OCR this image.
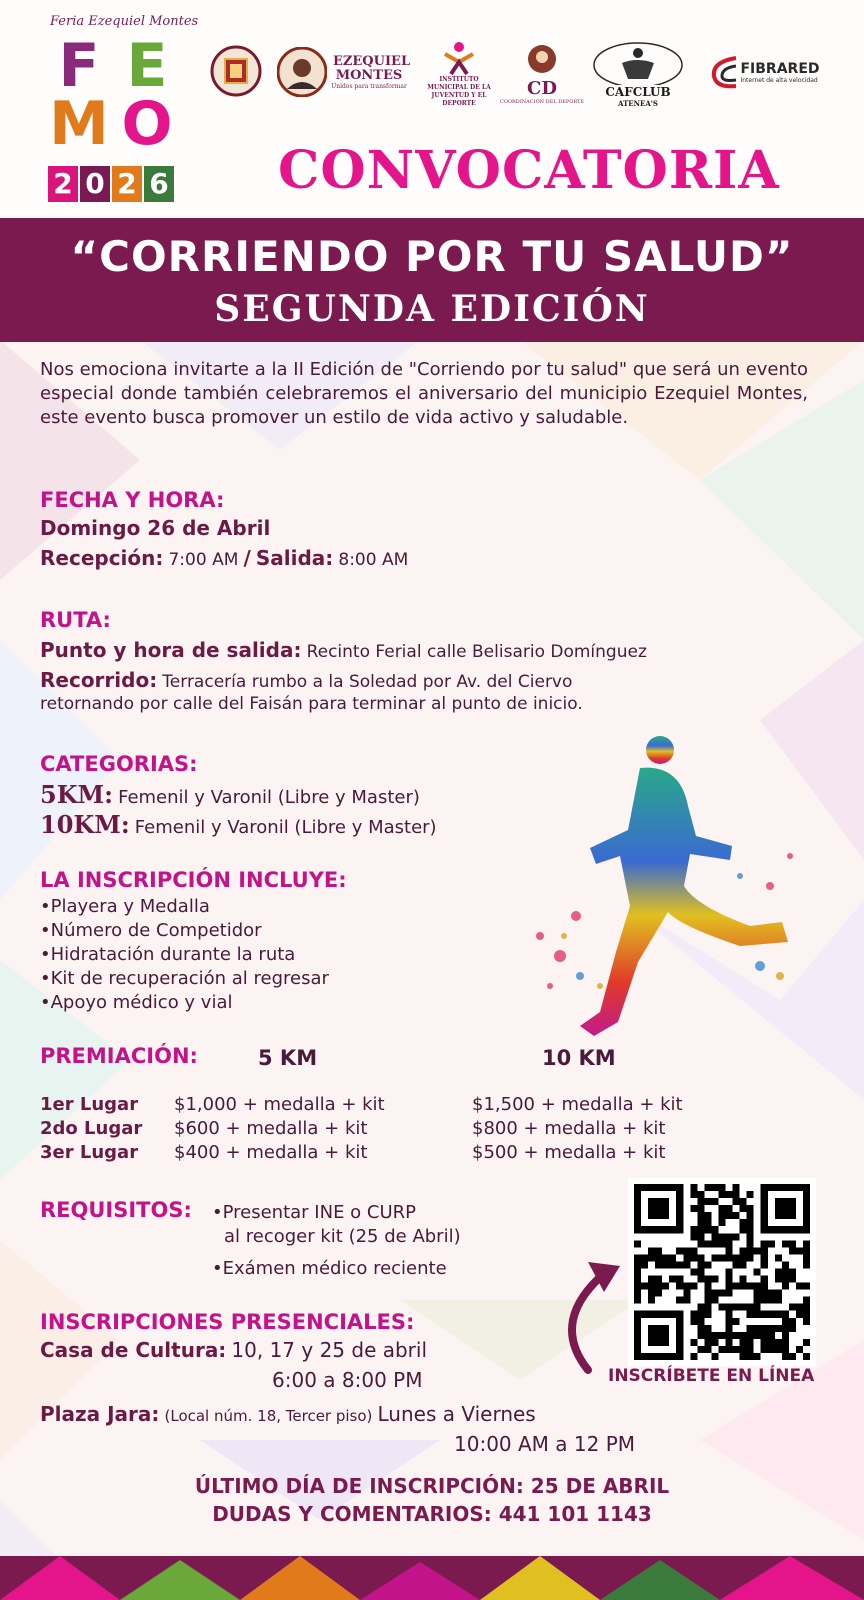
Feria Ezequiel Montes
F E
M O
2 0 2 6
EZEQUIEL MONTES
Unidos para transformar
INSTITUTO MUNICIPAL DE LA JUVENTUD Y EL DEPORTE
CD
COORDINACIÓN DEL DEPORTE
CAFCLUB
ATENEA'S
FIBRARED
Internet de alta velocidad
CONVOCATORIA
“CORRIENDO POR TU SALUD”
SEGUNDA EDICIÓN
Nos emociona invitarte a la II Edición de "Corriendo por tu salud" que será un evento especial donde también celebraremos el aniversario del municipio Ezequiel Montes, este evento busca promover un estilo de vida activo y saludable.
FECHA Y HORA:
Domingo 26 de Abril
Recepción: 7:00 AM / Salida: 8:00 AM
RUTA:
Punto y hora de salida: Recinto Ferial calle Belisario Domínguez
Recorrido: Terracería rumbo a la Soledad por Av. del Ciervo
retornando por calle del Faisán para terminar al punto de inicio.
CATEGORIAS:
5KM: Femenil y Varonil (Libre y Master)
10KM: Femenil y Varonil (Libre y Master)
LA INSCRIPCIÓN INCLUYE:
•Playera y Medalla
•Número de Competidor
•Hidratación durante la ruta
•Kit de recuperación al regresar
•Apoyo médico y vial
PREMIACIÓN:	5 KM	10 KM
1er Lugar $1,000 + medalla + kit	$1,500 + medalla + kit
2do Lugar $600 + medalla + kit	$800 + medalla + kit
3er Lugar $400 + medalla + kit	$500 + medalla + kit
REQUISITOS: •Presentar INE o CURP
al recoger kit (25 de Abril)
•Exámen médico reciente
INSCRÍBETE EN LÍNEA
INSCRIPCIONES PRESENCIALES:
Casa de Cultura: 10, 17 y 25 de abril
6:00 a 8:00 PM
Plaza Jara: (Local núm. 18, Tercer piso) Lunes a Viernes
10:00 AM a 12 PM
ÚLTIMO DÍA DE INSCRIPCIÓN: 25 DE ABRIL
DUDAS Y COMENTARIOS: 441 101 1143
